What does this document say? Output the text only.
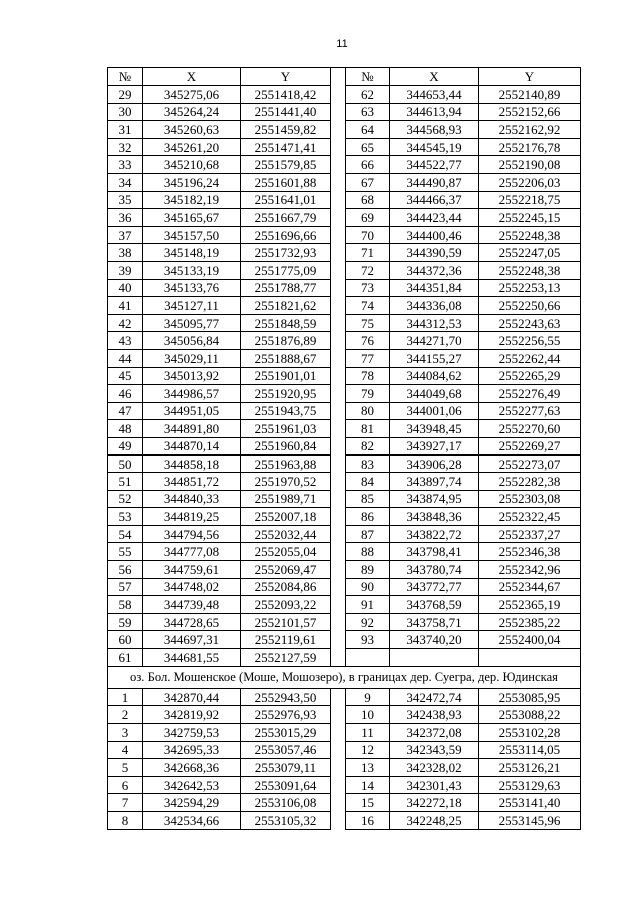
11
№	X	Y		№	X	Y
29	345275,06	2551418,42		62	344653,44	2552140,89
30	345264,24	2551441,40		63	344613,94	2552152,66
31	345260,63	2551459,82		64	344568,93	2552162,92
32	345261,20	2551471,41		65	344545,19	2552176,78
33	345210,68	2551579,85		66	344522,77	2552190,08
34	345196,24	2551601,88		67	344490,87	2552206,03
35	345182,19	2551641,01		68	344466,37	2552218,75
36	345165,67	2551667,79		69	344423,44	2552245,15
37	345157,50	2551696,66		70	344400,46	2552248,38
38	345148,19	2551732,93		71	344390,59	2552247,05
39	345133,19	2551775,09		72	344372,36	2552248,38
40	345133,76	2551788,77		73	344351,84	2552253,13
41	345127,11	2551821,62		74	344336,08	2552250,66
42	345095,77	2551848,59		75	344312,53	2552243,63
43	345056,84	2551876,89		76	344271,70	2552256,55
44	345029,11	2551888,67		77	344155,27	2552262,44
45	345013,92	2551901,01		78	344084,62	2552265,29
46	344986,57	2551920,95		79	344049,68	2552276,49
47	344951,05	2551943,75		80	344001,06	2552277,63
48	344891,80	2551961,03		81	343948,45	2552270,60
49	344870,14	2551960,84		82	343927,17	2552269,27
50	344858,18	2551963,88		83	343906,28	2552273,07
51	344851,72	2551970,52		84	343897,74	2552282,38
52	344840,33	2551989,71		85	343874,95	2552303,08
53	344819,25	2552007,18		86	343848,36	2552322,45
54	344794,56	2552032,44		87	343822,72	2552337,27
55	344777,08	2552055,04		88	343798,41	2552346,38
56	344759,61	2552069,47		89	343780,74	2552342,96
57	344748,02	2552084,86		90	343772,77	2552344,67
58	344739,48	2552093,22		91	343768,59	2552365,19
59	344728,65	2552101,57		92	343758,71	2552385,22
60	344697,31	2552119,61		93	343740,20	2552400,04
61	344681,55	2552127,59				
оз. Бол. Мошенское (Моше, Мошозеро), в границах дер. Суегра, дер. Юдинская						
1	342870,44	2552943,50		9	342472,74	2553085,95
2	342819,92	2552976,93		10	342438,93	2553088,22
3	342759,53	2553015,29		11	342372,08	2553102,28
4	342695,33	2553057,46		12	342343,59	2553114,05
5	342668,36	2553079,11		13	342328,02	2553126,21
6	342642,53	2553091,64		14	342301,43	2553129,63
7	342594,29	2553106,08		15	342272,18	2553141,40
8	342534,66	2553105,32		16	342248,25	2553145,96
